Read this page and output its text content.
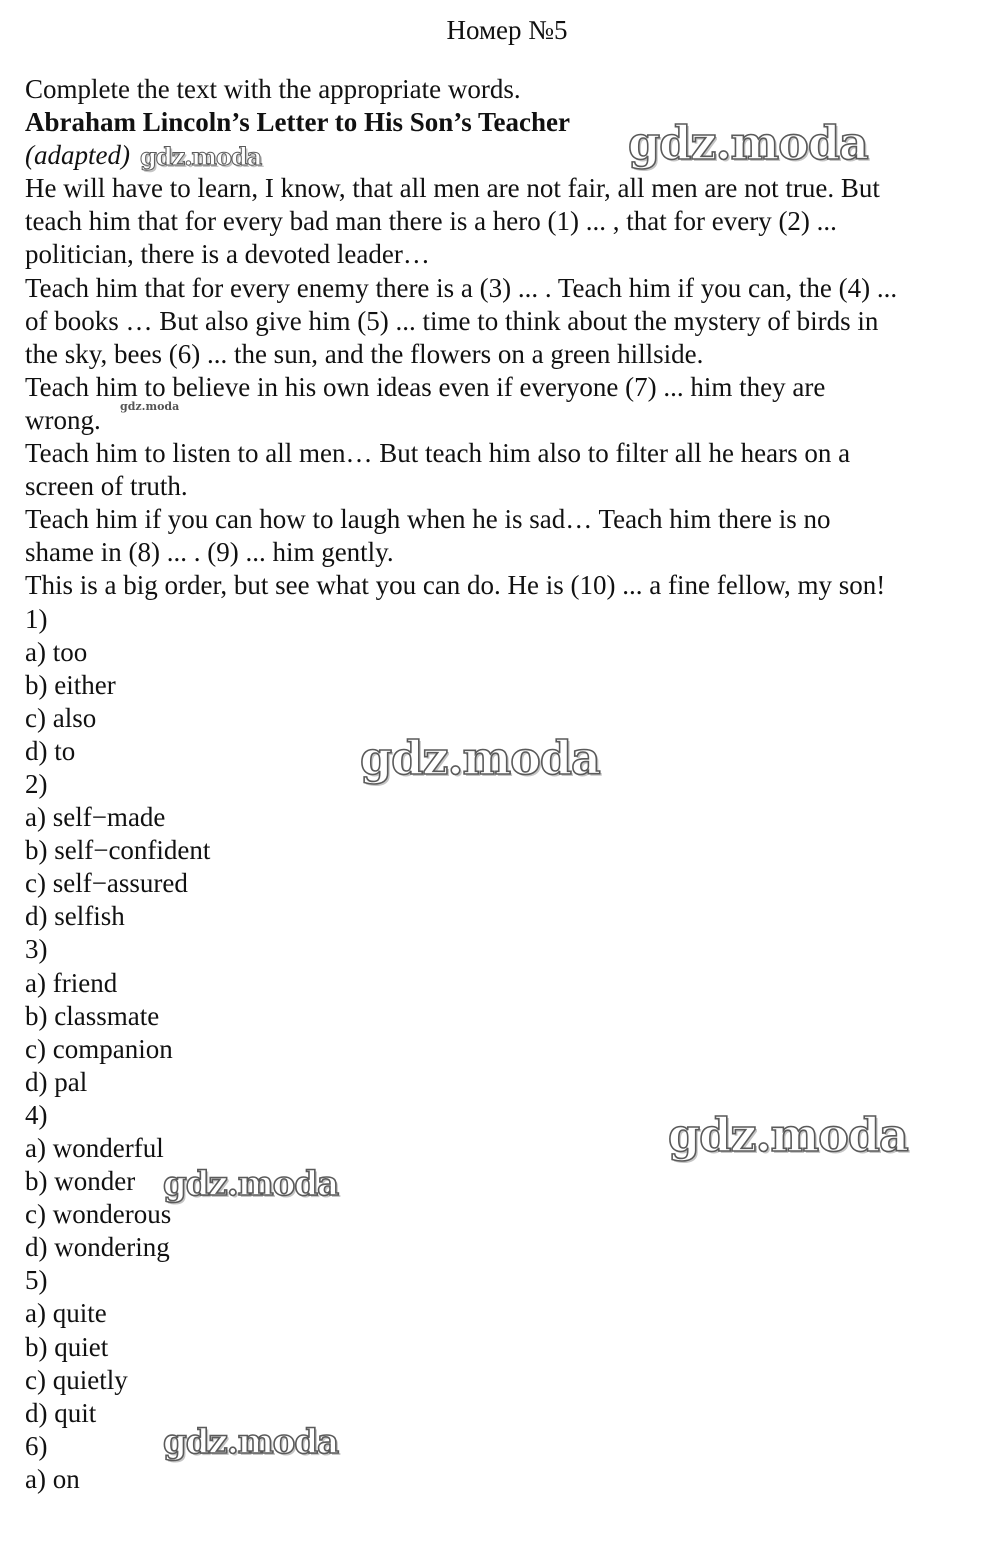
Номер №5
Complete the text with the appropriate words.
Abraham Lincoln’s Letter to His Son’s Teacher
(adapted)
He will have to learn, I know, that all men are not fair, all men are not true. But
teach him that for every bad man there is a hero (1) ... , that for every (2) ...
politician, there is a devoted leader…
Teach him that for every enemy there is a (3) ... . Teach him if you can, the (4) ...
of books … But also give him (5) ... time to think about the mystery of birds in
the sky, bees (6) ... the sun, and the flowers on a green hillside.
Teach him to believe in his own ideas even if everyone (7) ... him they are
wrong.
Teach him to listen to all men… But teach him also to filter all he hears on a
screen of truth.
Teach him if you can how to laugh when he is sad… Teach him there is no
shame in (8) ... . (9) ... him gently.
This is a big order, but see what you can do. He is (10) ... a fine fellow, my son!
1)
a) too
b) either
c) also
d) to
2)
a) self−made
b) self−confident
c) self−assured
d) selfish
3)
a) friend
b) classmate
c) companion
d) pal
4)
a) wonderful
b) wonder
c) wonderous
d) wondering
5)
a) quite
b) quiet
c) quietly
d) quit
6)
a) on
gdz.moda
gdz.moda
gdz.moda
gdz.moda
gdz.moda
gdz.moda
gdz.moda
